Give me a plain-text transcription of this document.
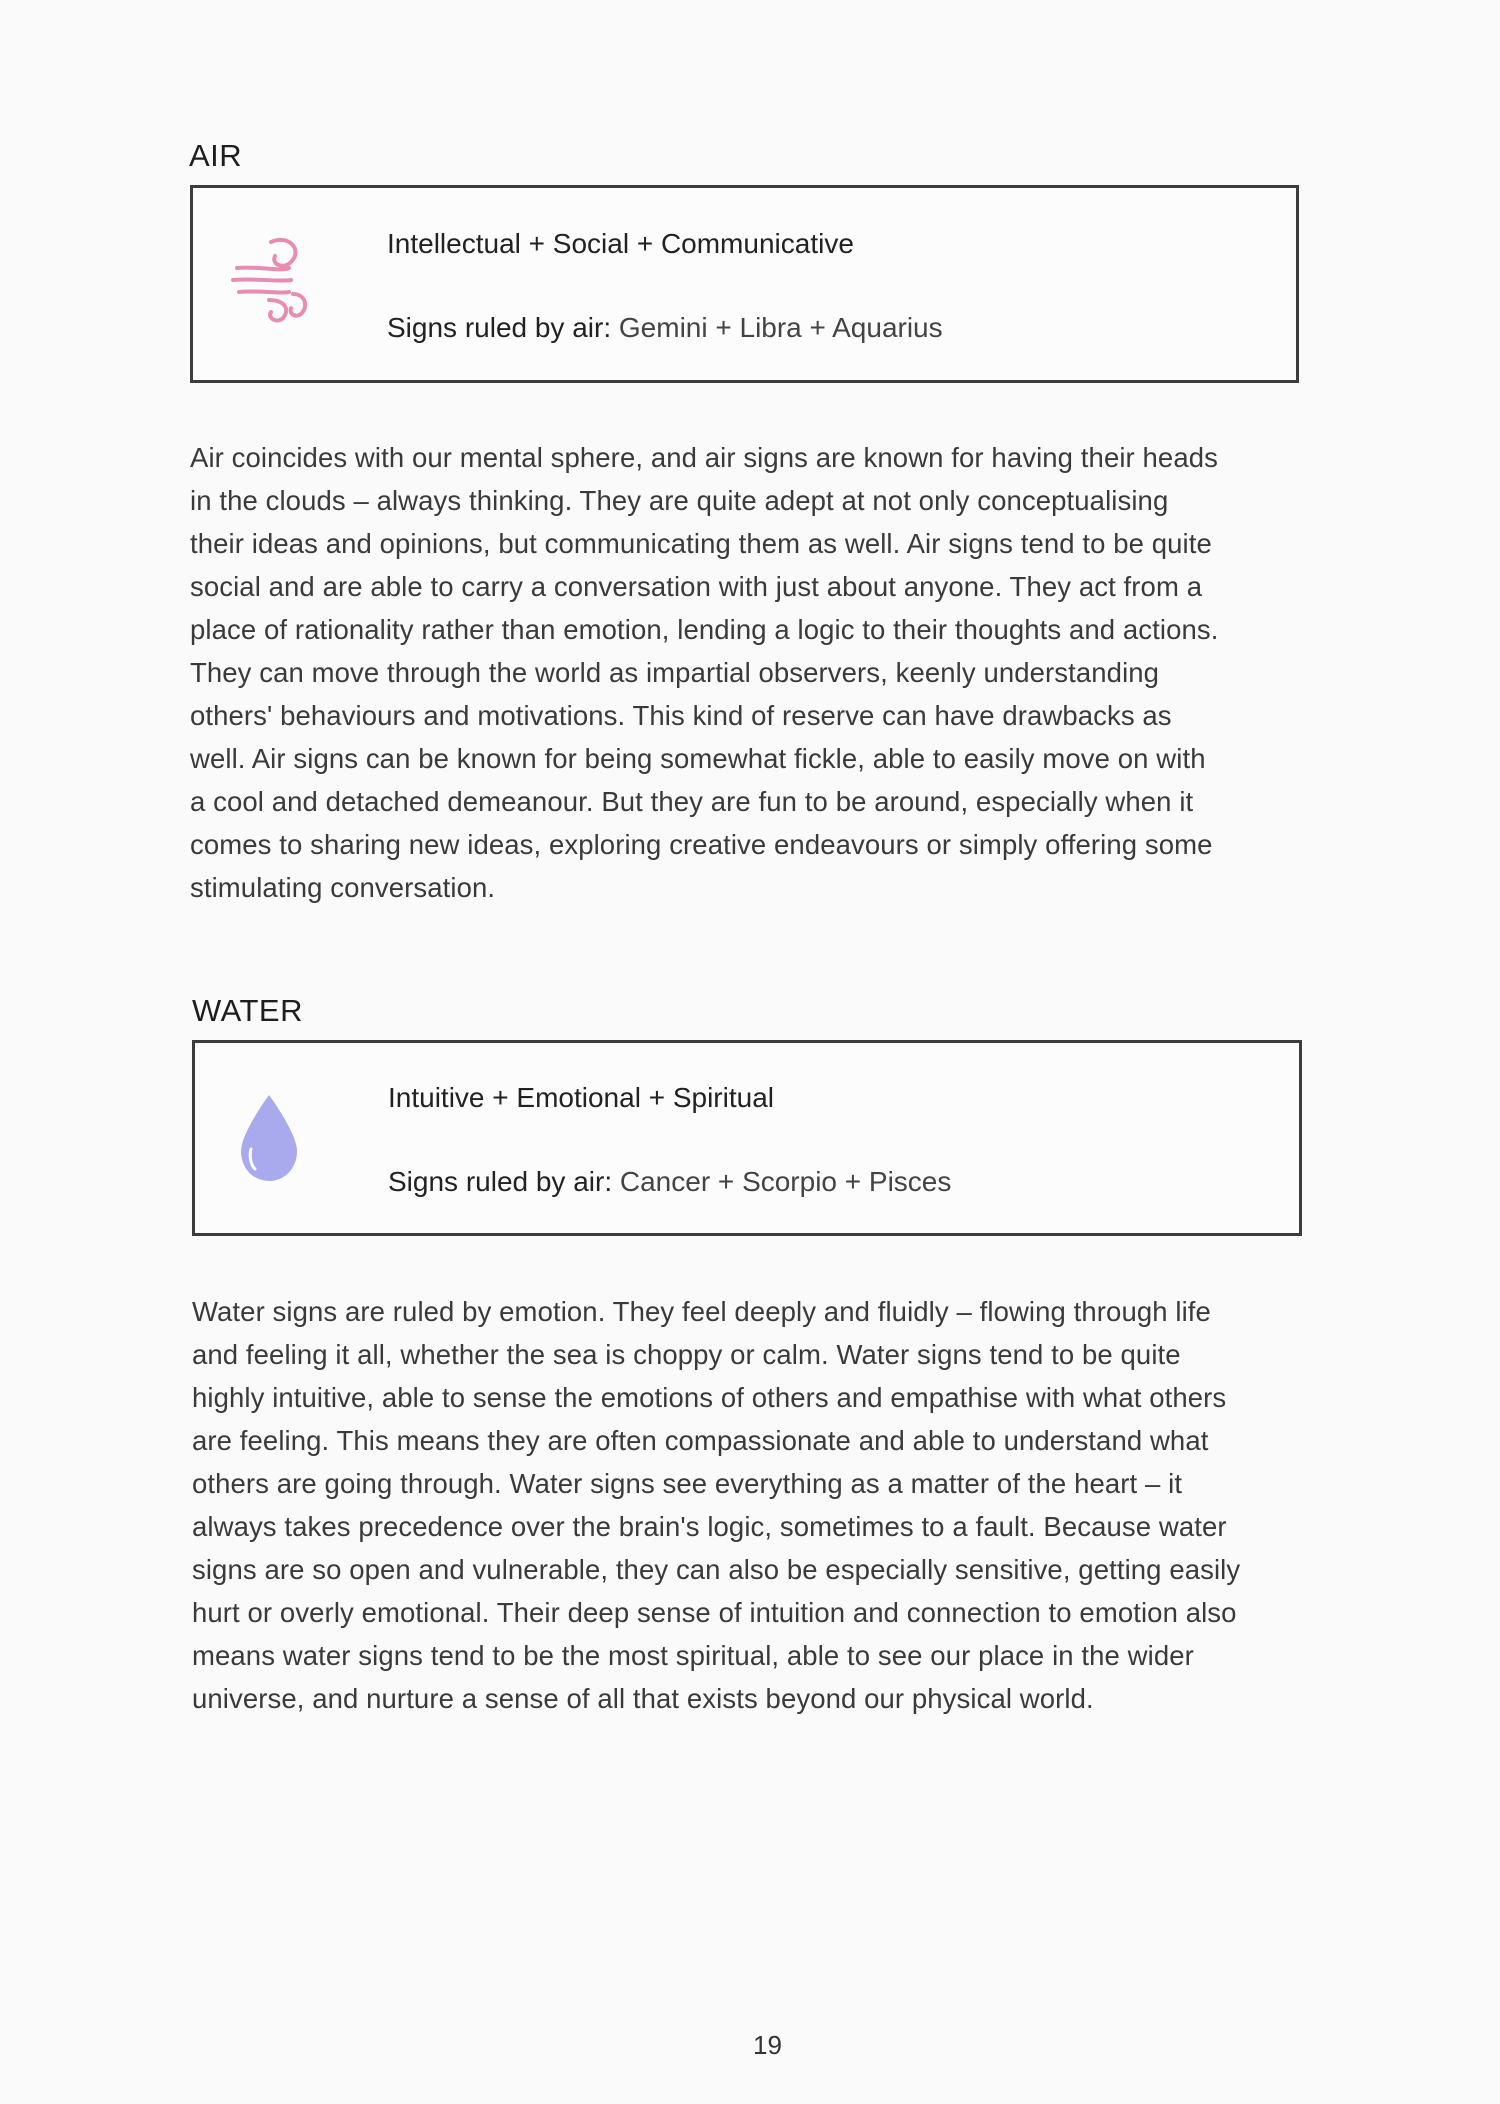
AIR
Intellectual + Social + Communicative
Signs ruled by air: Gemini + Libra + Aquarius
Air coincides with our mental sphere, and air signs are known for having their heads
in the clouds – always thinking. They are quite adept at not only conceptualising
their ideas and opinions, but communicating them as well. Air signs tend to be quite
social and are able to carry a conversation with just about anyone. They act from a
place of rationality rather than emotion, lending a logic to their thoughts and actions.
They can move through the world as impartial observers, keenly understanding
others' behaviours and motivations. This kind of reserve can have drawbacks as
well. Air signs can be known for being somewhat fickle, able to easily move on with
a cool and detached demeanour. But they are fun to be around, especially when it
comes to sharing new ideas, exploring creative endeavours or simply offering some
stimulating conversation.
WATER
Intuitive + Emotional + Spiritual
Signs ruled by air: Cancer + Scorpio + Pisces
Water signs are ruled by emotion. They feel deeply and fluidly – flowing through life
and feeling it all, whether the sea is choppy or calm. Water signs tend to be quite
highly intuitive, able to sense the emotions of others and empathise with what others
are feeling. This means they are often compassionate and able to understand what
others are going through. Water signs see everything as a matter of the heart – it
always takes precedence over the brain's logic, sometimes to a fault. Because water
signs are so open and vulnerable, they can also be especially sensitive, getting easily
hurt or overly emotional. Their deep sense of intuition and connection to emotion also
means water signs tend to be the most spiritual, able to see our place in the wider
universe, and nurture a sense of all that exists beyond our physical world.
19
